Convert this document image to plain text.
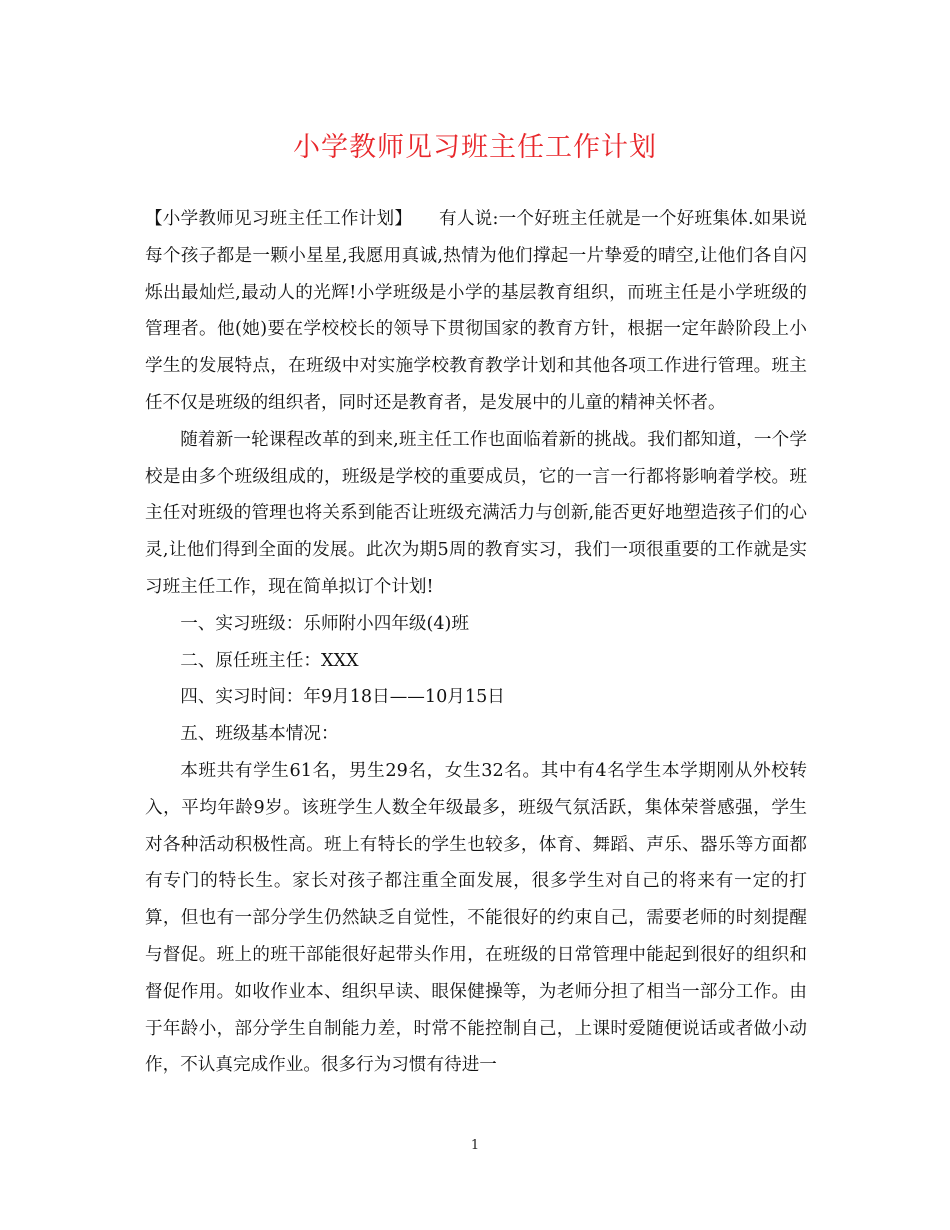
小学教师见习班主任工作计划

【小学教师见习班主任工作计划】　　有人说:一个好班主任就是一个好班集体.如果说每个孩子都是一颗小星星,我愿用真诚,热情为他们撑起一片挚爱的晴空,让他们各自闪烁出最灿烂,最动人的光辉!小学班级是小学的基层教育组织，而班主任是小学班级的管理者。他(她)要在学校校长的领导下贯彻国家的教育方针，根据一定年龄阶段上小学生的发展特点，在班级中对实施学校教育教学计划和其他各项工作进行管理。班主任不仅是班级的组织者，同时还是教育者，是发展中的儿童的精神关怀者。

随着新一轮课程改革的到来,班主任工作也面临着新的挑战。我们都知道，一个学校是由多个班级组成的，班级是学校的重要成员，它的一言一行都将影响着学校。班主任对班级的管理也将关系到能否让班级充满活力与创新,能否更好地塑造孩子们的心灵,让他们得到全面的发展。此次为期5周的教育实习，我们一项很重要的工作就是实习班主任工作，现在简单拟订个计划!

一、实习班级：乐师附小四年级(4)班

二、原任班主任：XXX

四、实习时间：年9月18日——10月15日

五、班级基本情况：

本班共有学生61名，男生29名，女生32名。其中有4名学生本学期刚从外校转入，平均年龄9岁。该班学生人数全年级最多，班级气氛活跃，集体荣誉感强，学生对各种活动积极性高。班上有特长的学生也较多，体育、舞蹈、声乐、器乐等方面都有专门的特长生。家长对孩子都注重全面发展，很多学生对自己的将来有一定的打算，但也有一部分学生仍然缺乏自觉性，不能很好的约束自己，需要老师的时刻提醒与督促。班上的班干部能很好起带头作用，在班级的日常管理中能起到很好的组织和督促作用。如收作业本、组织早读、眼保健操等，为老师分担了相当一部分工作。由于年龄小，部分学生自制能力差，时常不能控制自己，上课时爱随便说话或者做小动作，不认真完成作业。很多行为习惯有待进一

1
